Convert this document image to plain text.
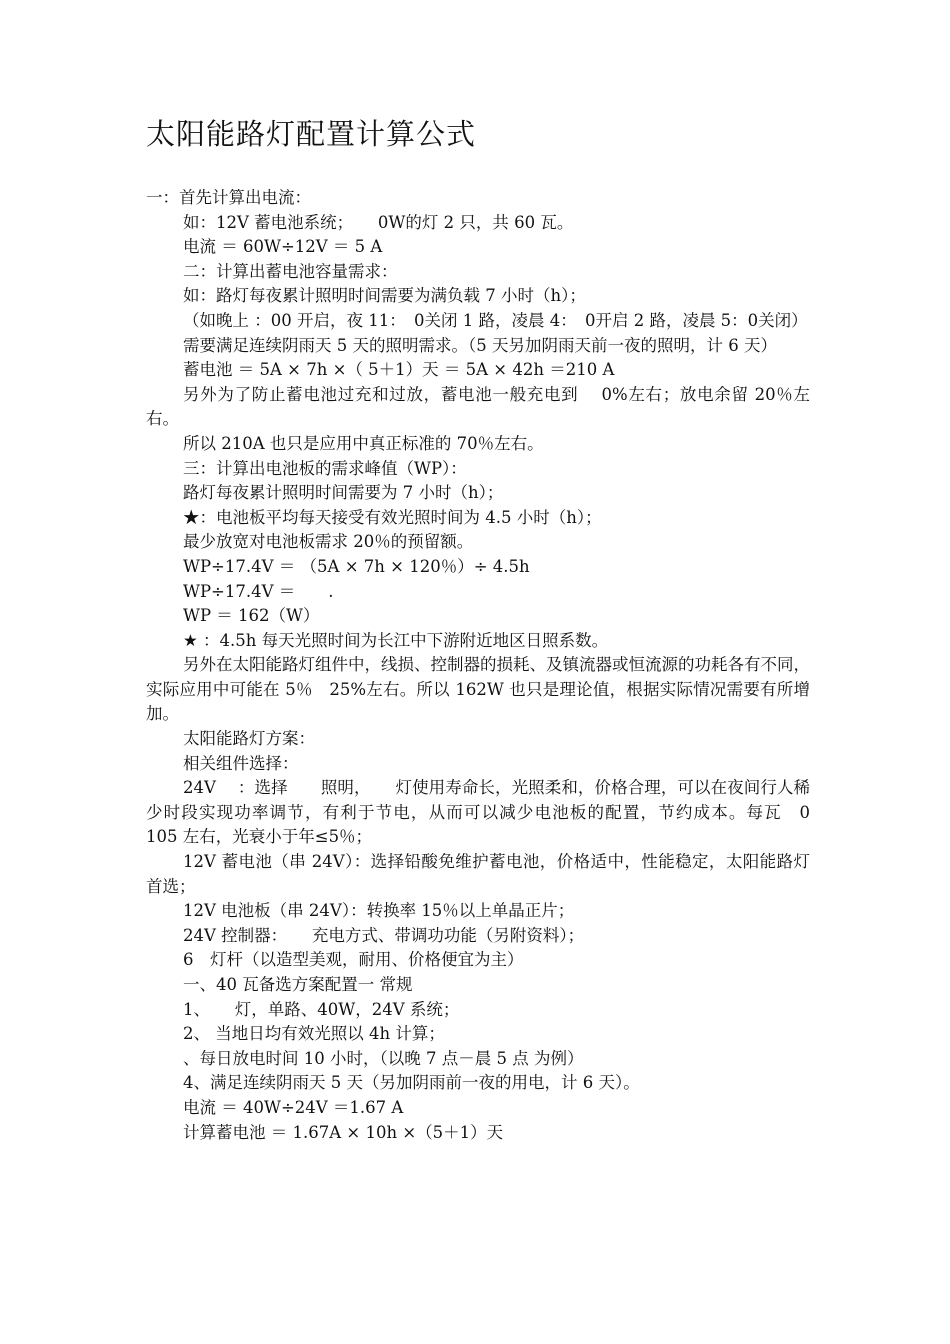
太阳能路灯配置计算公式

一：首先计算出电流：

如：12V 蓄电池系统；　　0W的灯 2 只，共 60 瓦。

电流 ＝ 60W÷12V ＝ 5 A

二：计算出蓄电池容量需求：

如：路灯每夜累计照明时间需要为满负载 7 小时（h）；

（如晚上 ：00 开启，夜 11：　0关闭 1 路，凌晨 4：　0开启 2 路，凌晨 5：0关闭）

需要满足连续阴雨天 5 天的照明需求。（5 天另加阴雨天前一夜的照明，计 6 天）

蓄电池 ＝ 5A × 7h ×（ 5＋1）天 ＝ 5A × 42h ＝210 A

另外为了防止蓄电池过充和过放，蓄电池一般充电到　 0%左右；放电余留 20％左右。

所以 210A 也只是应用中真正标准的 70％左右。

三：计算出电池板的需求峰值（WP）：

路灯每夜累计照明时间需要为 7 小时（h）；

★：电池板平均每天接受有效光照时间为 4.5 小时（h）；

最少放宽对电池板需求 20％的预留额。

WP÷17.4V ＝ （5A × 7h × 120％）÷ 4.5h

WP÷17.4V ＝　　.

WP ＝ 162（W）

★ ：4.5h 每天光照时间为长江中下游附近地区日照系数。

另外在太阳能路灯组件中，线损、控制器的损耗、及镇流器或恒流源的功耗各有不同，实际应用中可能在 5％　25%左右。所以 162W 也只是理论值，根据实际情况需要有所增加。

太阳能路灯方案：

相关组件选择：

24V　 ：选择　　照明，　　灯使用寿命长，光照柔和，价格合理，可以在夜间行人稀少时段实现功率调节，有利于节电，从而可以减少电池板的配置，节约成本。每瓦　0　105 左右，光衰小于年≤5％；

12V 蓄电池（串 24V）：选择铅酸免维护蓄电池，价格适中，性能稳定，太阳能路灯首选；

12V 电池板（串 24V）：转换率 15％以上单晶正片；

24V 控制器：　　充电方式、带调功功能（另附资料）；

6　灯杆（以造型美观，耐用、价格便宜为主）

一、40 瓦备选方案配置一 常规

1、　　灯，单路、40W，24V 系统；

2、 当地日均有效光照以 4h 计算；

、每日放电时间 10 小时，（以晚 7 点－晨 5 点 为例）

4、满足连续阴雨天 5 天（另加阴雨前一夜的用电，计 6 天）。

电流 ＝ 40W÷24V ＝1.67 A

计算蓄电池 ＝ 1.67A × 10h ×（5＋1）天
